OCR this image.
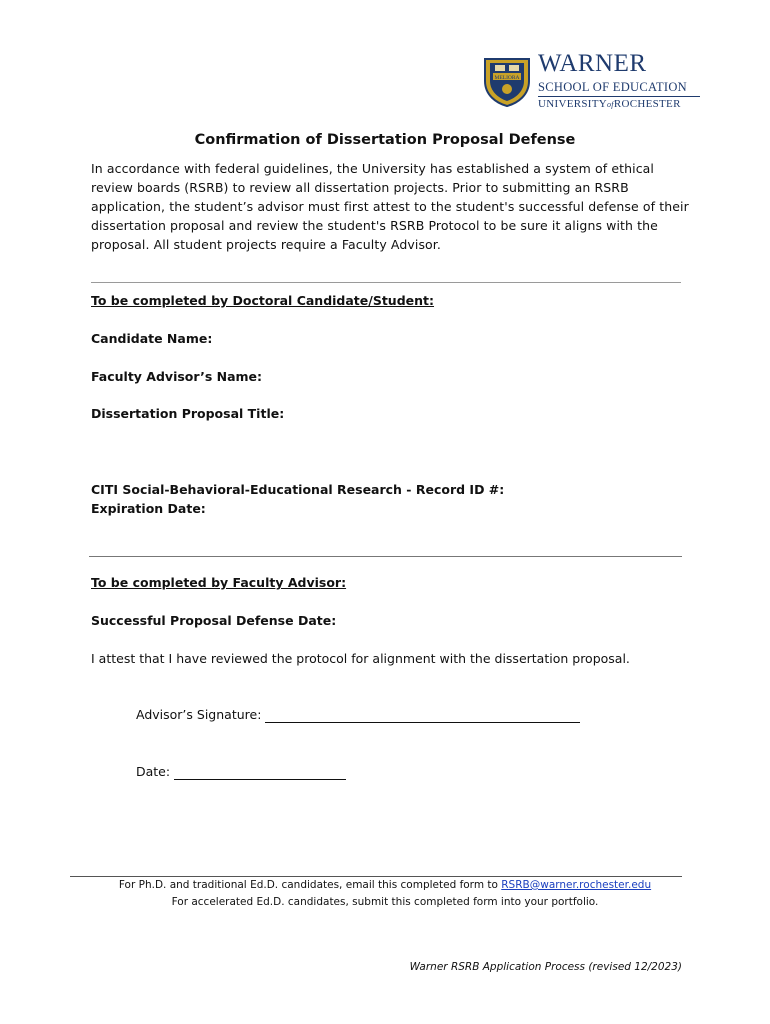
MELIORA
WARNER
SCHOOL OF EDUCATION
UNIVERSITYofROCHESTER
Confirmation of Dissertation Proposal Defense
In accordance with federal guidelines, the University has established a system of ethical review boards (RSRB) to review all dissertation projects. Prior to submitting an RSRB application, the student’s advisor must first attest to the student's successful defense of their dissertation proposal and review the student's RSRB Protocol to be sure it aligns with the proposal. All student projects require a Faculty Advisor.
To be completed by Doctoral Candidate/Student:
Candidate Name:
Faculty Advisor’s Name:
Dissertation Proposal Title:
CITI Social-Behavioral-Educational Research - Record ID #:
Expiration Date:
To be completed by Faculty Advisor:
Successful Proposal Defense Date:
I attest that I have reviewed the protocol for alignment with the dissertation proposal.
Advisor’s Signature:
Date:
For Ph.D. and traditional Ed.D. candidates, email this completed form to RSRB@warner.rochester.edu
For accelerated Ed.D. candidates, submit this completed form into your portfolio.
Warner RSRB Application Process (revised 12/2023)
